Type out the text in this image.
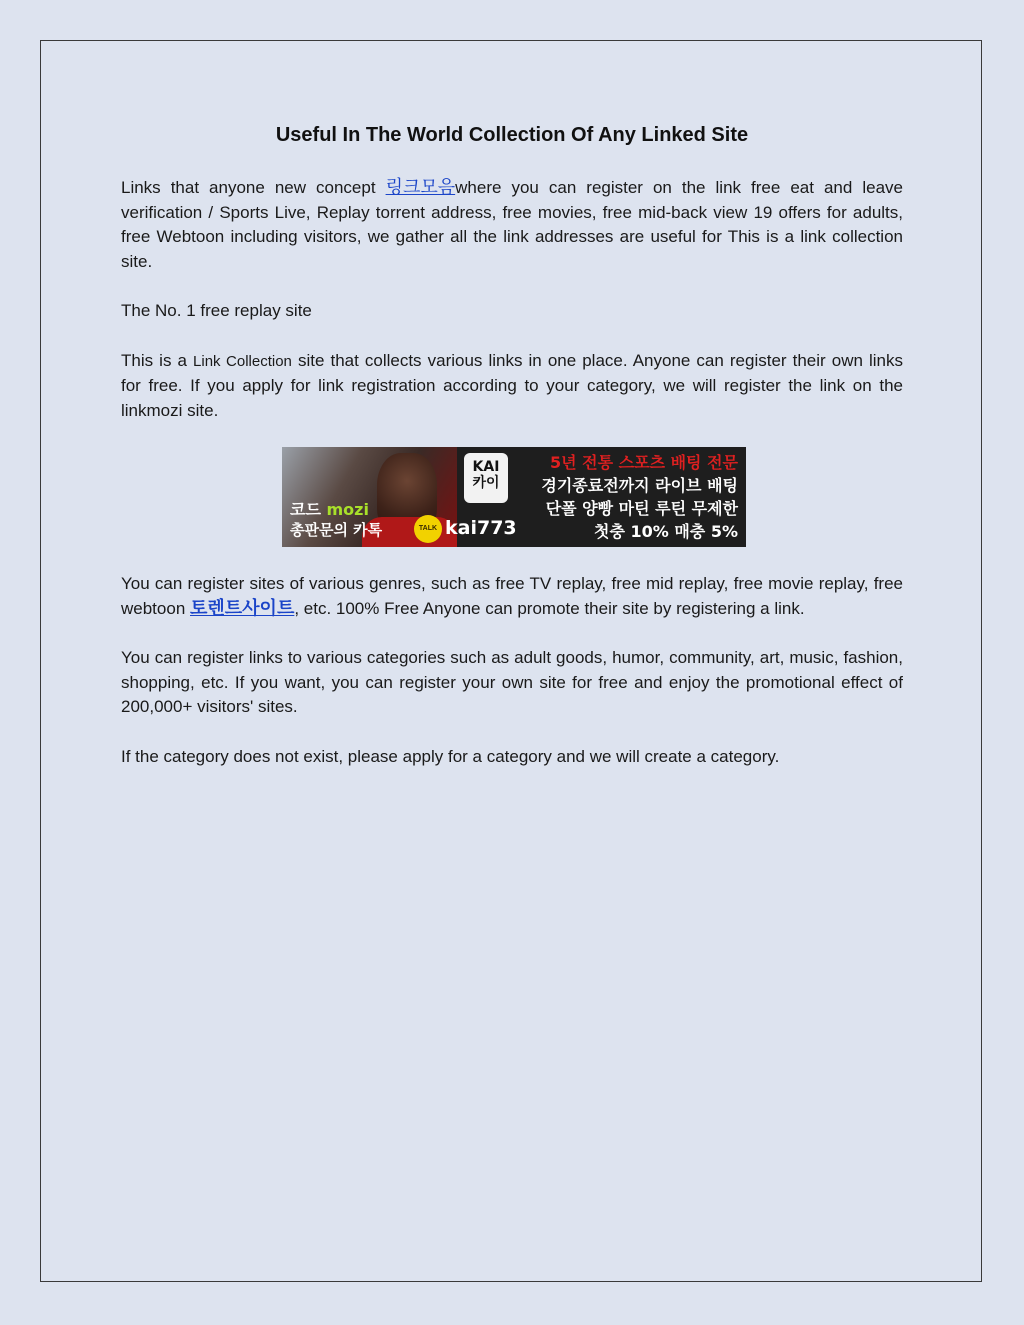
Useful In The World Collection Of Any Linked Site

Links that anyone new concept 링크모음where you can register on the link free eat and leave verification / Sports Live, Replay torrent address, free movies, free mid-back view 19 offers for adults, free Webtoon including visitors, we gather all the link addresses are useful for This is a link collection site.

The No. 1 free replay site

This is a Link Collection site that collects various links in one place. Anyone can register their own links for free. If you apply for link registration according to your category, we will register the link on the linkmozi site.

코드 mozi
총판문의 카톡
KAI
카이
TALK kai773
5년 전통 스포츠 배팅 전문
경기종료전까지 라이브 배팅
단폴 양빵 마틴 루틴 무제한
첫충 10% 매충 5%

You can register sites of various genres, such as free TV replay, free mid replay, free movie replay, free webtoon 토렌트사이트, etc. 100% Free Anyone can promote their site by registering a link.

You can register links to various categories such as adult goods, humor, community, art, music, fashion, shopping, etc. If you want, you can register your own site for free and enjoy the promotional effect of 200,000+ visitors' sites.

If the category does not exist, please apply for a category and we will create a category.
